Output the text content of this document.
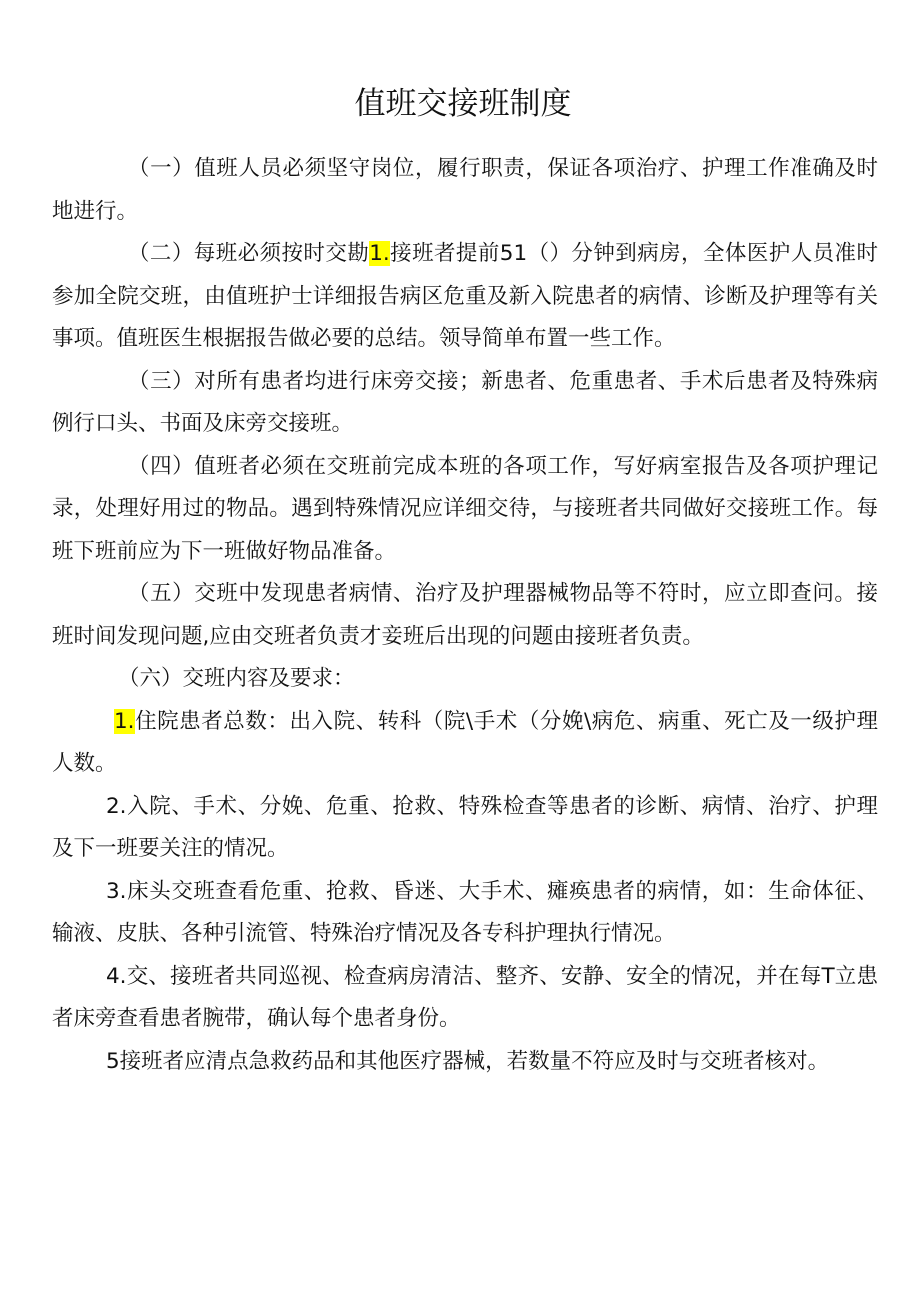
值班交接班制度

（一）值班人员必须坚守岗位，履行职责，保证各项治疗、护理工作准确及时地进行。

（二）每班必须按时交勘1.接班者提前51（）分钟到病房，全体医护人员准时参加全院交班，由值班护士详细报告病区危重及新入院患者的病情、诊断及护理等有关事项。值班医生根据报告做必要的总结。领导简单布置一些工作。

（三）对所有患者均进行床旁交接；新患者、危重患者、手术后患者及特殊病例行口头、书面及床旁交接班。

（四）值班者必须在交班前完成本班的各项工作，写好病室报告及各项护理记录，处理好用过的物品。遇到特殊情况应详细交待，与接班者共同做好交接班工作。每班下班前应为下一班做好物品准备。

（五）交班中发现患者病情、治疗及护理器械物品等不符时，应立即查问。接班时间发现问题,应由交班者负责才妾班后出现的问题由接班者负责。

（六）交班内容及要求：

1.住院患者总数：出入院、转科（院\手术（分娩\病危、病重、死亡及一级护理人数。

2.入院、手术、分娩、危重、抢救、特殊检查等患者的诊断、病情、治疗、护理及下一班要关注的情况。

3.床头交班查看危重、抢救、昏迷、大手术、瘫痪患者的病情，如：生命体征、输液、皮肤、各种引流管、特殊治疗情况及各专科护理执行情况。

4.交、接班者共同巡视、检查病房清洁、整齐、安静、安全的情况，并在每T立患者床旁查看患者腕带，确认每个患者身份。

5接班者应清点急救药品和其他医疗器械，若数量不符应及时与交班者核对。
